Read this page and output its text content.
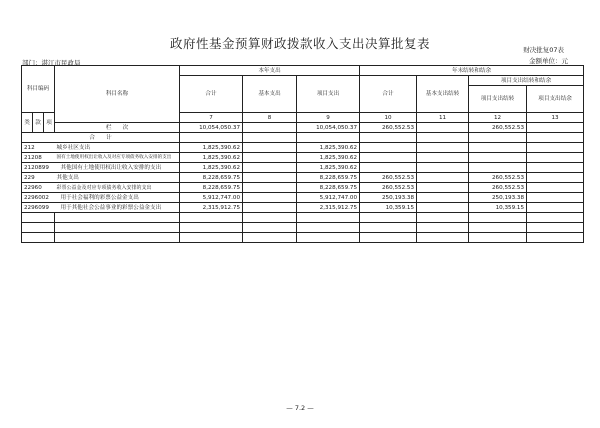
政府性基金预算财政拨款收入支出决算批复表	财决批复07表
部门：湛江市民政局	金额单位：元
科目编码			科目名称	本年支出			年末结转和结余			
				合计	基本支出	项目支出	合计	基本支出结转	项目支出结转和结余	
									项目支出结转	项目支出结余
类	款	项		7	8	9	10	11	12	13
			栏　　次	10,054,050.37		10,054,050.37	260,552.53		260,552.53	
合　　计										
212			城乡社区支出	1,825,390.62		1,825,390.62				
21208			国有土地使用权出让收入及对应专项债务收入安排的支出	1,825,390.62		1,825,390.62				
2120899			其他国有土地使用权出让收入安排的支出	1,825,390.62		1,825,390.62				
229			其他支出	8,228,659.75		8,228,659.75	260,552.53		260,552.53	
22960			彩票公益金及对应专项债务收入安排的支出	8,228,659.75		8,228,659.75	260,552.53		260,552.53	
2296002			用于社会福利的彩票公益金支出	5,912,747.00		5,912,747.00	250,193.38		250,193.38	
2296099			用于其他社会公益事业的彩票公益金支出	2,315,912.75		2,315,912.75	10,359.15		10,359.15	

— 7.2 —
